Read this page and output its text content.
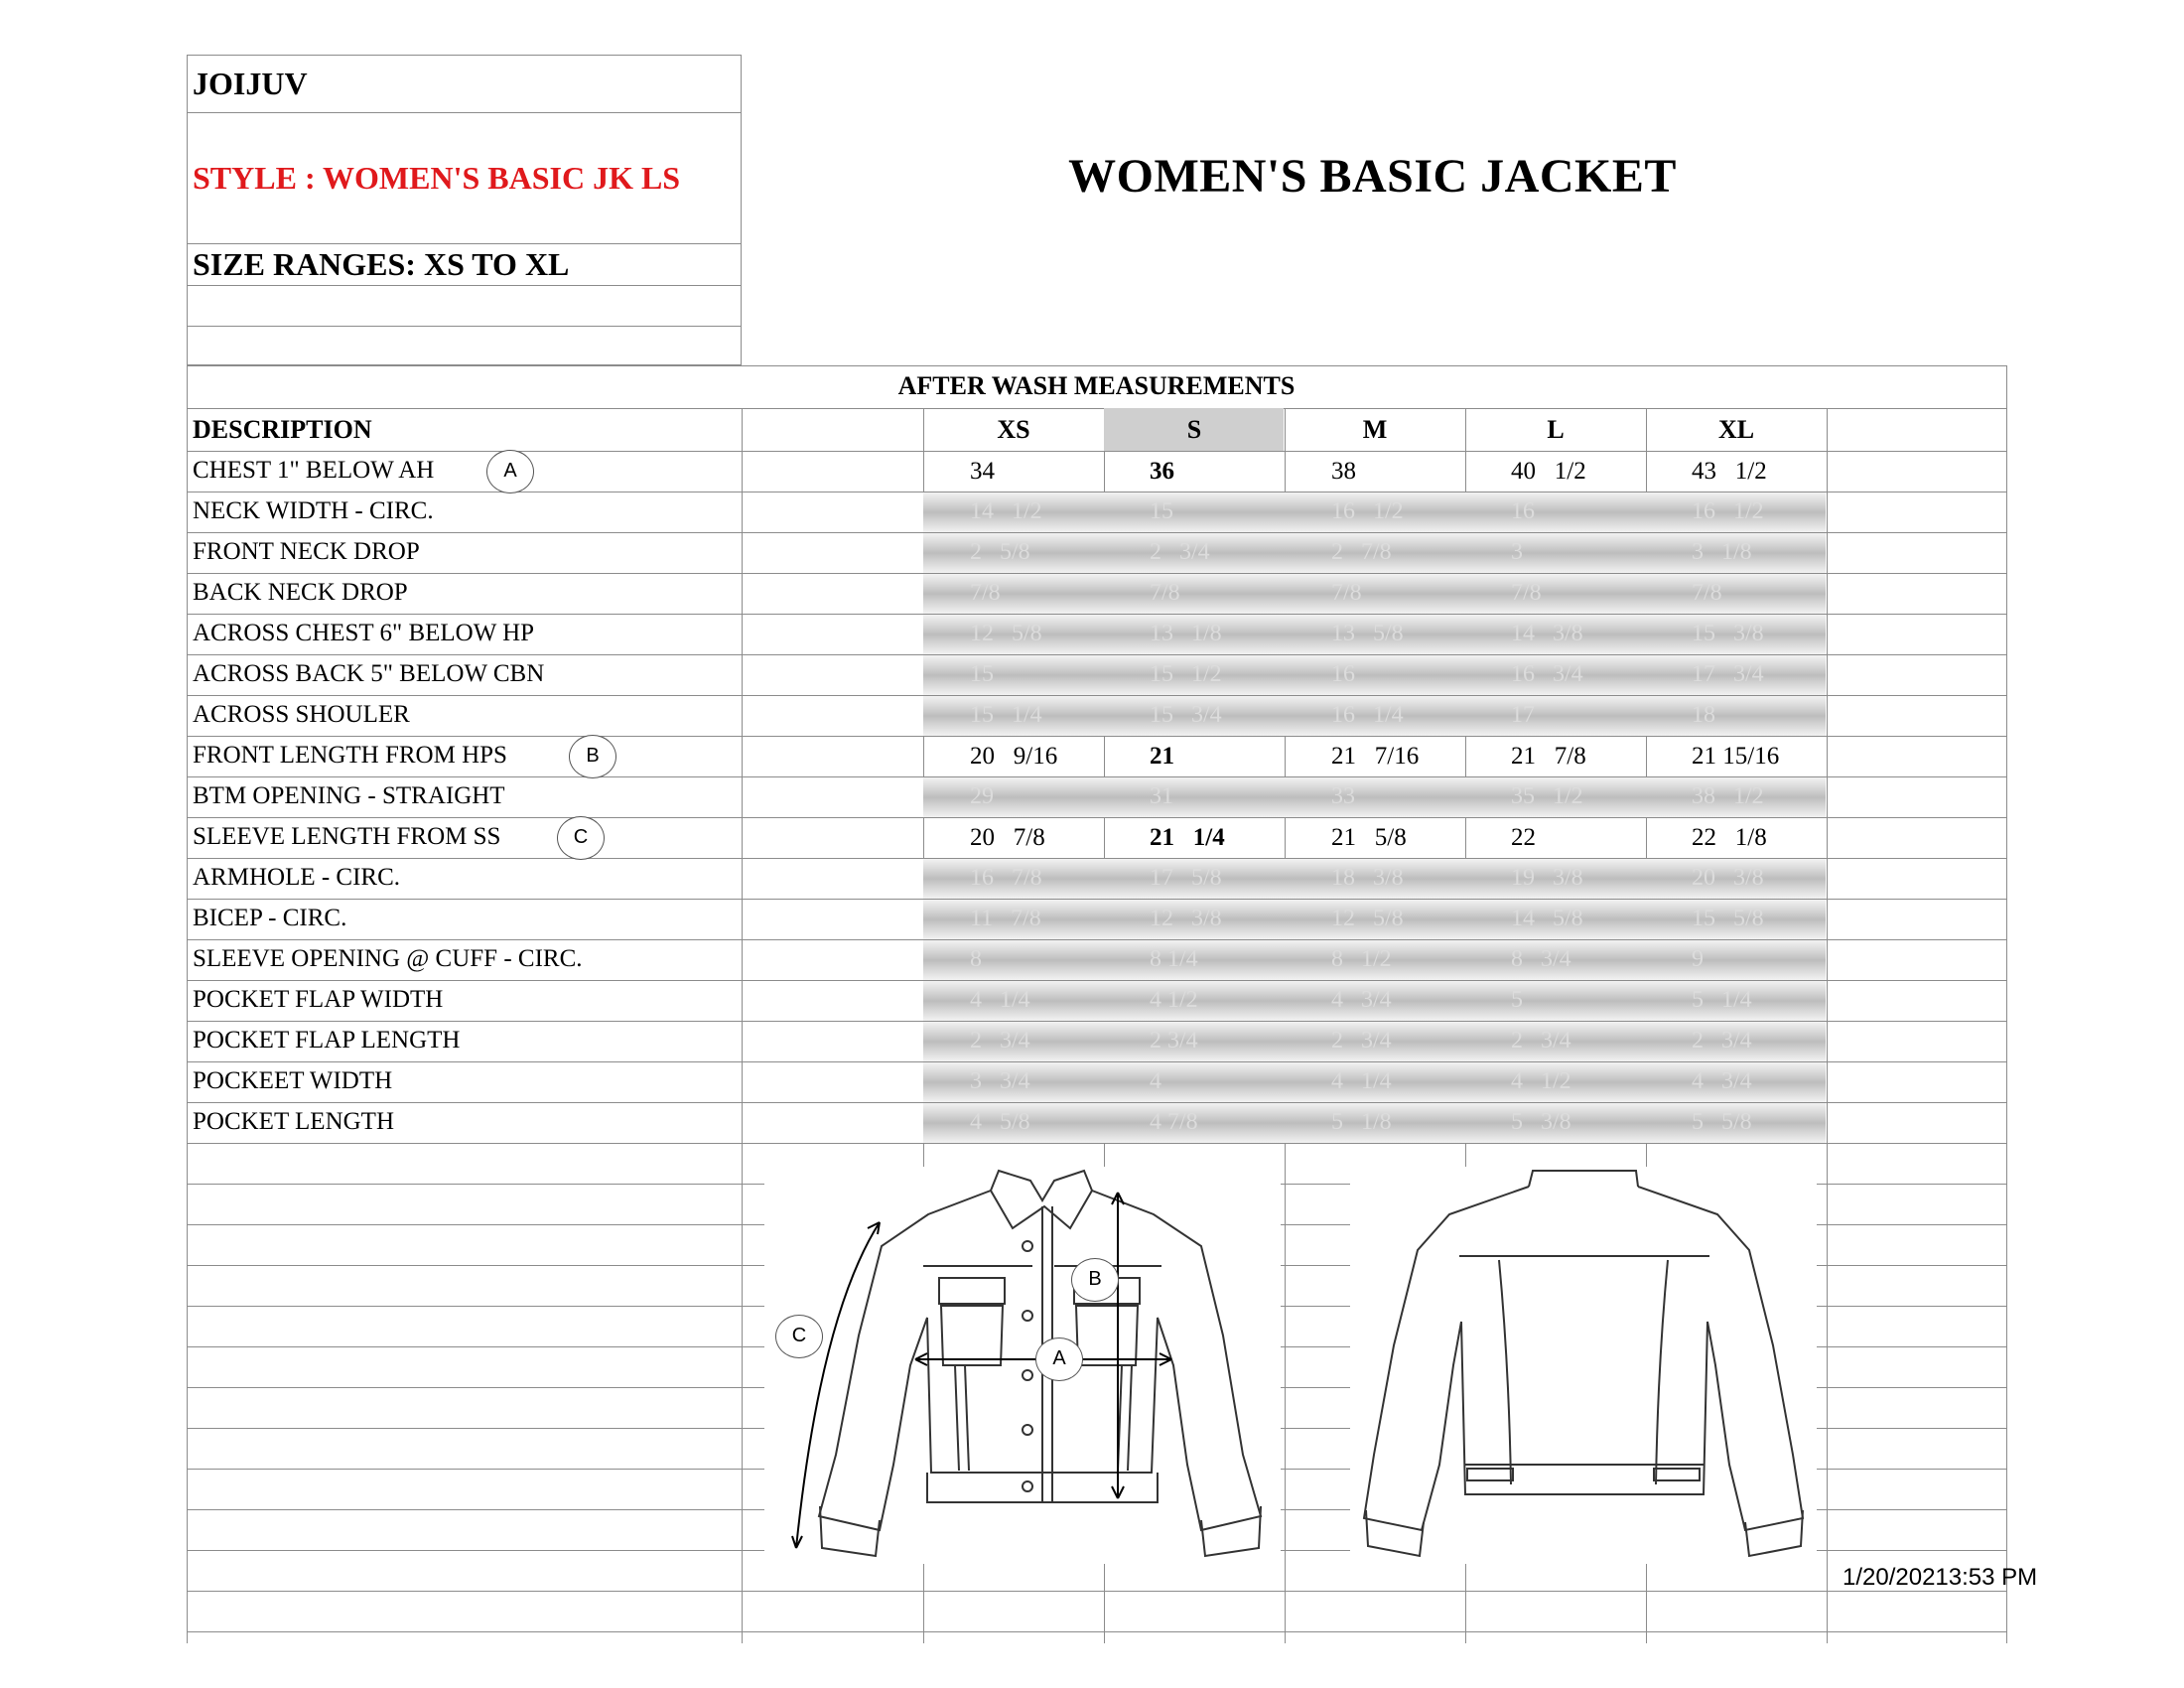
JOIJUV
STYLE : WOMEN'S BASIC JK LS
SIZE RANGES: XS TO XL
WOMEN'S BASIC JACKET
AFTER WASH MEASUREMENTS
DESCRIPTION	XS	S	M	L	XL
CHEST 1" BELOW AH	A	34	36	38	40   1/2	43   1/2
NECK WIDTH - CIRC.	14   1/2	15	16   1/2	16	16   1/2
FRONT NECK DROP	2   5/8	2   3/4	2   7/8	3	3   1/8
BACK NECK DROP	7/8	7/8	7/8	7/8	7/8
ACROSS CHEST 6" BELOW HP	12   5/8	13   1/8	13   5/8	14   3/8	15   3/8
ACROSS BACK 5" BELOW CBN	15	15   1/2	16	16   3/4	17   3/4
ACROSS SHOULER	15   1/4	15   3/4	16   1/4	17	18
FRONT LENGTH FROM HPS	B	20   9/16	21	21   7/16	21   7/8	21 15/16
BTM OPENING - STRAIGHT	29	31	33	35   1/2	38   1/2
SLEEVE LENGTH FROM SS	C	20   7/8	21   1/4	21   5/8	22	22   1/8
ARMHOLE - CIRC.	16   7/8	17   5/8	18   3/8	19   3/8	20   3/8
BICEP - CIRC.	11   7/8	12   3/8	12   5/8	14   5/8	15   5/8
SLEEVE OPENING @ CUFF - CIRC.	8	8 1/4	8   1/2	8   3/4	9
POCKET FLAP WIDTH	4   1/4	4 1/2	4   3/4	5	5   1/4
POCKET FLAP LENGTH	2   3/4	2 3/4	2   3/4	2   3/4	2   3/4
POCKEET WIDTH	3   3/4	4	4   1/4	4   1/2	4   3/4
POCKET LENGTH	4   5/8	4 7/8	5   1/8	5   3/8	5   5/8
B
A
C
1/20/20213:53 PM
